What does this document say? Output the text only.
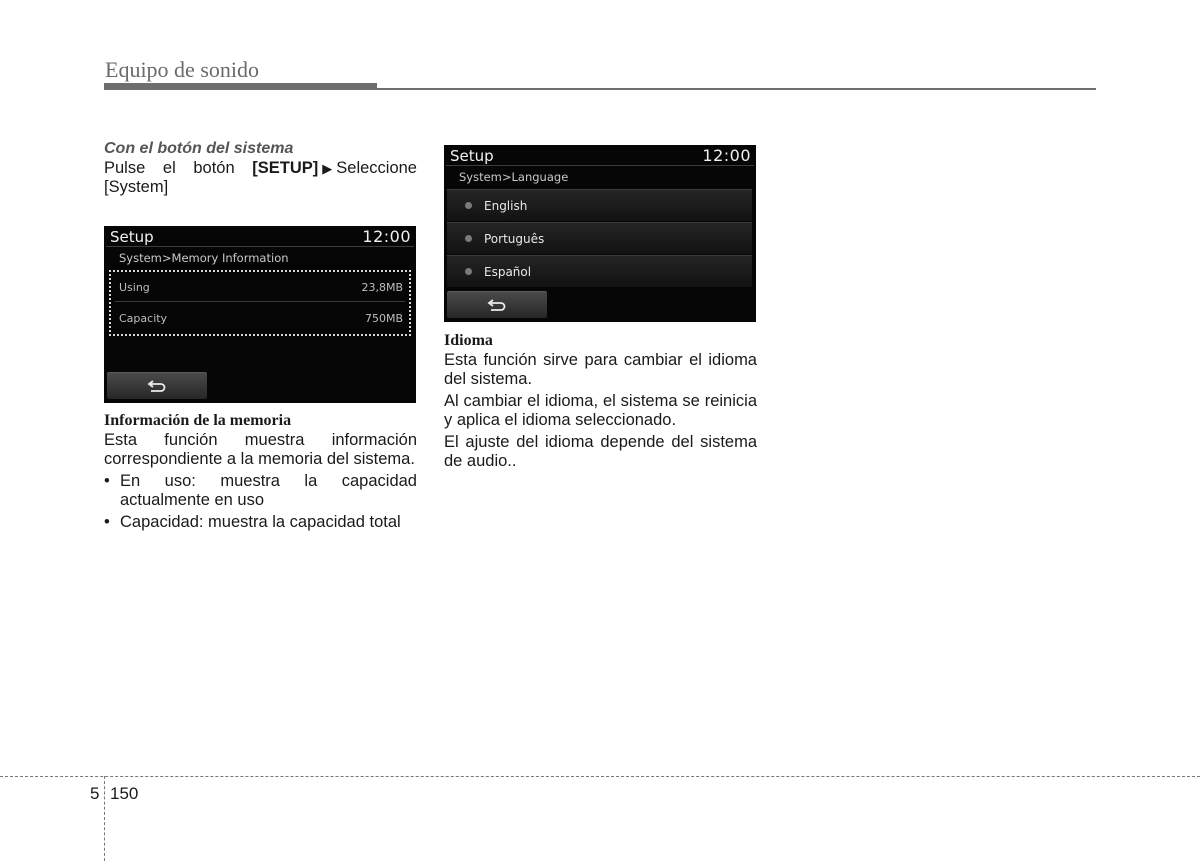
Equipo de sonido

Con el botón del sistema

Pulse el botón [SETUP] ▶ Seleccione

[System]

Setup	12:00
System>Memory Information
Using	23,8MB
Capacity	750MB

Información de la memoria

Esta función muestra información correspondiente a la memoria del sistema.

• En uso: muestra la capacidad actualmente en uso
• Capacidad: muestra la capacidad total
Setup	12:00
System>Language
English
Português
Español

Idioma

Esta función sirve para cambiar el idioma del sistema.

Al cambiar el idioma, el sistema se reinicia y aplica el idioma seleccionado.

El ajuste del idioma depende del sistema de audio..

5 150
